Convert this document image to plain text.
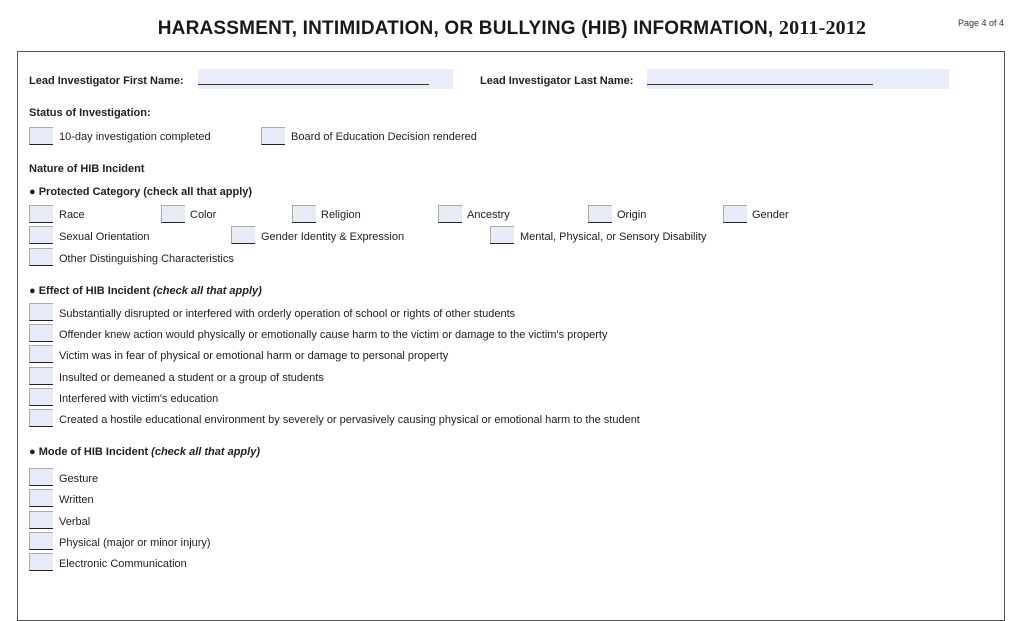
HARASSMENT, INTIMIDATION, OR BULLYING (HIB) INFORMATION, 2011-2012	Page 4 of 4
Lead Investigator First Name:	Lead Investigator Last Name:
Status of Investigation:
10-day investigation completed	Board of Education Decision rendered
Nature of HIB Incident
● Protected Category (check all that apply)
Race	Color	Religion	Ancestry	Origin	Gender
Sexual Orientation	Gender Identity & Expression	Mental, Physical, or Sensory Disability
Other Distinguishing Characteristics
● Effect of HIB Incident (check all that apply)
Substantially disrupted or interfered with orderly operation of school or rights of other students
Offender knew action would physically or emotionally cause harm to the victim or damage to the victim's property
Victim was in fear of physical or emotional harm or damage to personal property
Insulted or demeaned a student or a group of students
Interfered with victim's education
Created a hostile educational environment by severely or pervasively causing physical or emotional harm to the student
● Mode of HIB Incident (check all that apply)
Gesture
Written
Verbal
Physical (major or minor injury)
Electronic Communication
